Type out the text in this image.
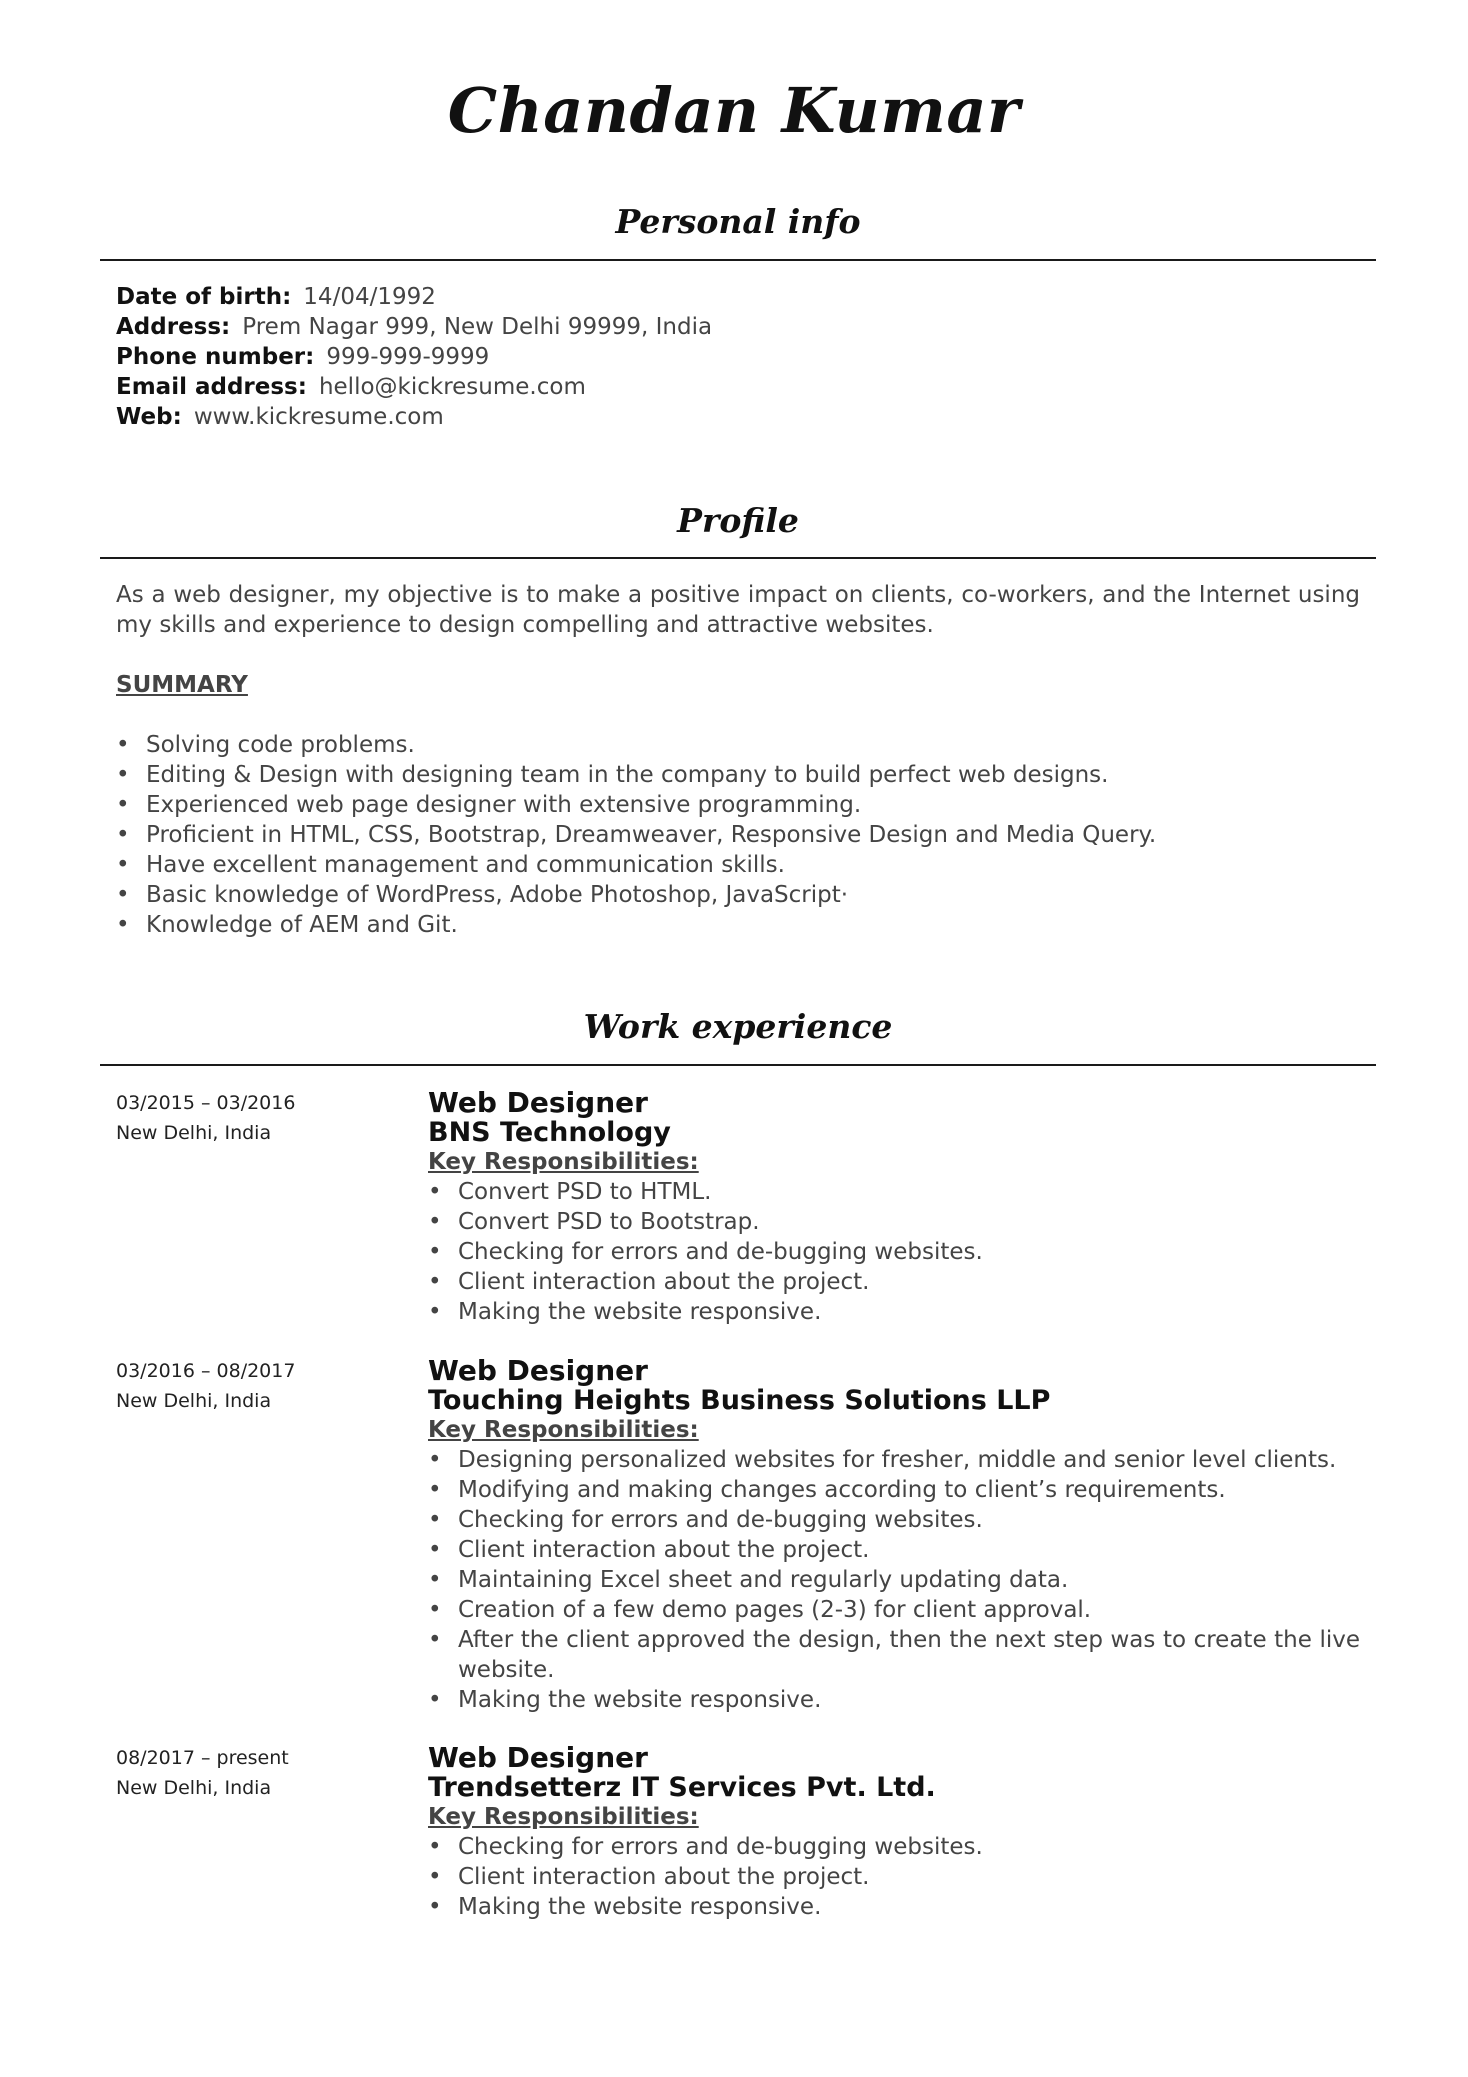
Chandan Kumar
Personal info
Date of birth: 14/04/1992
Address: Prem Nagar 999, New Delhi 99999, India
Phone number: 999-999-9999
Email address: hello@kickresume.com
Web: www.kickresume.com
Profile

As a web designer, my objective is to make a positive impact on clients, co-workers, and the Internet using my skills and experience to design compelling and attractive websites.

SUMMARY
• Solving code problems.
• Editing & Design with designing team in the company to build perfect web designs.
• Experienced web page designer with extensive programming.
• Proficient in HTML, CSS, Bootstrap, Dreamweaver, Responsive Design and Media Query.
• Have excellent management and communication skills.
• Basic knowledge of WordPress, Adobe Photoshop, JavaScript·
• Knowledge of AEM and Git.
Work experience
03/2015 – 03/2016
New Delhi, India
Web Designer
BNS Technology
Key Responsibilities:
• Convert PSD to HTML.
• Convert PSD to Bootstrap.
• Checking for errors and de-bugging websites.
• Client interaction about the project.
• Making the website responsive.
03/2016 – 08/2017
New Delhi, India
Web Designer
Touching Heights Business Solutions LLP
Key Responsibilities:
• Designing personalized websites for fresher, middle and senior level clients.
• Modifying and making changes according to client’s requirements.
• Checking for errors and de-bugging websites.
• Client interaction about the project.
• Maintaining Excel sheet and regularly updating data.
• Creation of a few demo pages (2-3) for client approval.
• After the client approved the design, then the next step was to create the live website.
• Making the website responsive.
08/2017 – present
New Delhi, India
Web Designer
Trendsetterz IT Services Pvt. Ltd.
Key Responsibilities:
• Checking for errors and de-bugging websites.
• Client interaction about the project.
• Making the website responsive.
